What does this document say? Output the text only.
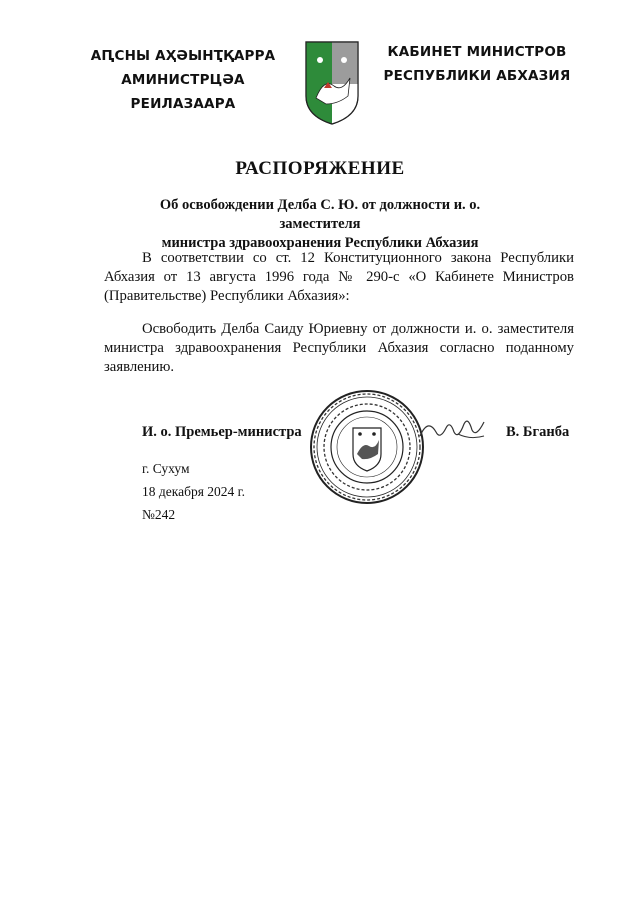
АԤСНЫ АҲӘЫНҬҚАРРА
АМИНИСТРЦӘА РЕИЛАЗААРА
КАБИНЕТ МИНИСТРОВ
РЕСПУБЛИКИ АБХАЗИЯ
РАСПОРЯЖЕНИЕ
Об освобождении Делба С. Ю. от должности и. о. заместителя
министра здравоохранения Республики Абхазия
В соответствии со ст. 12 Конституционного закона Республики Абхазия от 13 августа 1996 года № 290-с «О Кабинете Министров (Правительстве) Республики Абхазия»:
Освободить Делба Саиду Юриевну от должности и. о. заместителя министра здравоохранения Республики Абхазия согласно поданному заявлению.
И. о. Премьер-министра	В. Бганба
г. Сухум
18 декабря 2024 г.
№242
